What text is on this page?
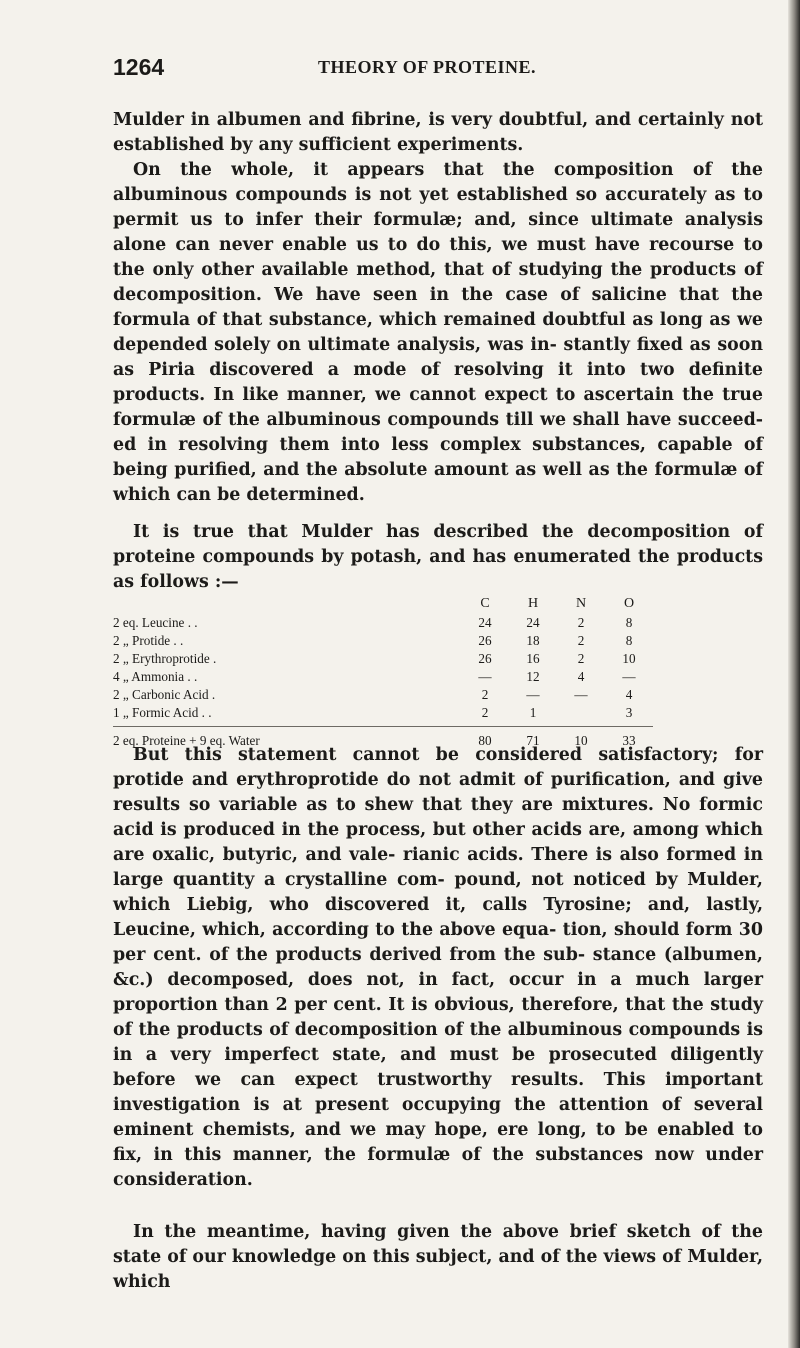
1264	THEORY OF PROTEINE.

Mulder in albumen and fibrine, is very doubtful, and certainly not

established by any sufficient experiments.

On the whole, it appears that the composition of the albuminous compounds is not yet established so accurately as to permit us to infer their formulæ; and, since ultimate analysis alone can never enable us to do this, we must have recourse to the only other available method, that of studying the products of decomposition. We have seen in the case of salicine that the formula of that substance, which remained doubtful as long as we depended solely on ultimate analysis, was in- stantly fixed as soon as Piria discovered a mode of resolving it into two definite products. In like manner, we cannot expect to ascertain the true formulæ of the albuminous compounds till we shall have succeed- ed in resolving them into less complex substances, capable of being purified, and the absolute amount as well as the formulæ of which can be determined.

It is true that Mulder has described the decomposition of proteine compounds by potash, and has enumerated the products as follows :—

	C	H	N	O
2 eq. Leucine . .	24	24	2	8
2 „ Protide . .	26	18	2	8
2 „ Erythroprotide .	26	16	2	10
4 „ Ammonia . .	—	12	4	—
2 „ Carbonic Acid .	2	—	—	4
1 „ Formic Acid . .	2	1		3

2 eq. Proteine + 9 eq. Water	80	71	10	33

But this statement cannot be considered satisfactory; for protide and erythroprotide do not admit of purification, and give results so variable as to shew that they are mixtures. No formic acid is produced in the process, but other acids are, among which are oxalic, butyric, and vale- rianic acids. There is also formed in large quantity a crystalline com- pound, not noticed by Mulder, which Liebig, who discovered it, calls Tyrosine; and, lastly, Leucine, which, according to the above equa- tion, should form 30 per cent. of the products derived from the sub- stance (albumen, &c.) decomposed, does not, in fact, occur in a much larger proportion than 2 per cent. It is obvious, therefore, that the study of the products of decomposition of the albuminous compounds is in a very imperfect state, and must be prosecuted diligently before we can expect trustworthy results. This important investigation is at present occupying the attention of several eminent chemists, and we may hope, ere long, to be enabled to fix, in this manner, the formulæ of the substances now under consideration.

In the meantime, having given the above brief sketch of the state of our knowledge on this subject, and of the views of Mulder, which
